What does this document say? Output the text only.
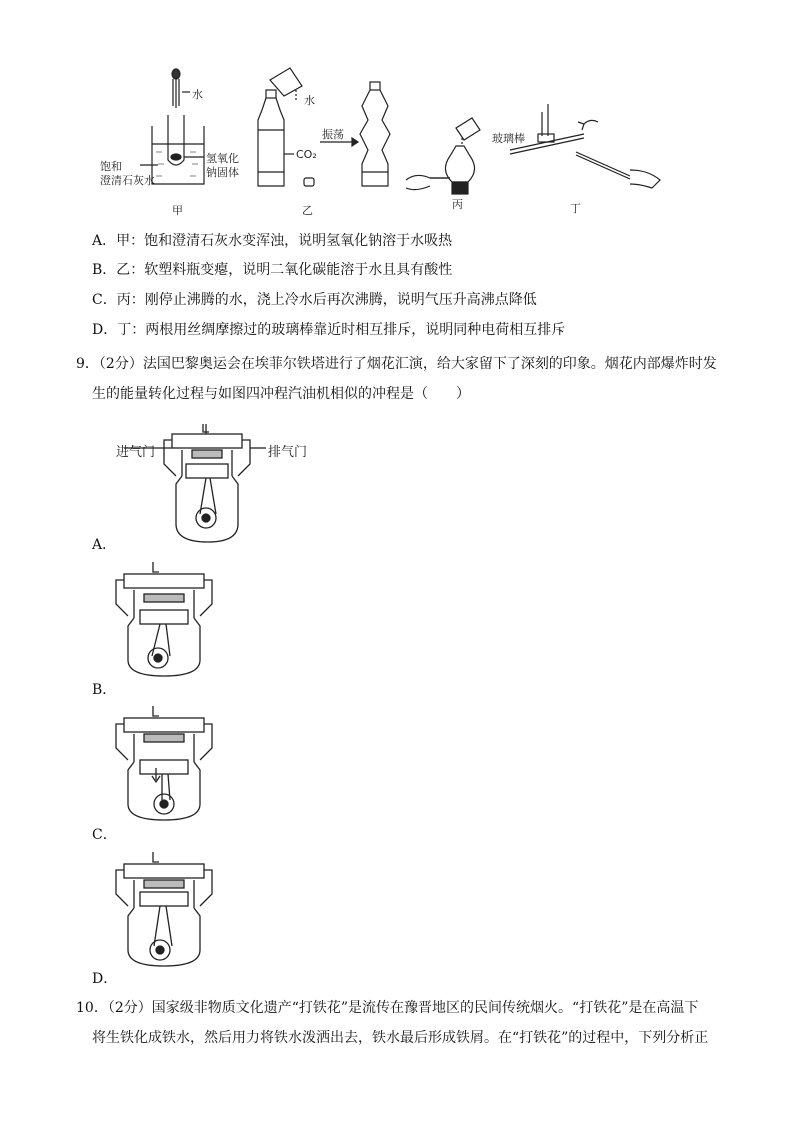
水
饱和
澄清石灰水
氢氧化
钠固体
甲
水
CO₂
振荡
乙	丙
玻璃棒
丁
A．甲：饱和澄清石灰水变浑浊，说明氢氧化钠溶于水吸热
B．乙：软塑料瓶变瘪，说明二氧化碳能溶于水且具有酸性
C．丙：刚停止沸腾的水，浇上冷水后再次沸腾，说明气压升高沸点降低
D．丁：两根用丝绸摩擦过的玻璃棒靠近时相互排斥，说明同种电荷相互排斥
9．（2分）法国巴黎奥运会在埃菲尔铁塔进行了烟花汇演，给大家留下了深刻的印象。烟花内部爆炸时发
生的能量转化过程与如图四冲程汽油机相似的冲程是（　　）
进气门	排气门
A．
B．
C．
D．
10．（2分）国家级非物质文化遗产“打铁花”是流传在豫晋地区的民间传统烟火。“打铁花”是在高温下
将生铁化成铁水，然后用力将铁水泼洒出去，铁水最后形成铁屑。在“打铁花”的过程中，下列分析正
